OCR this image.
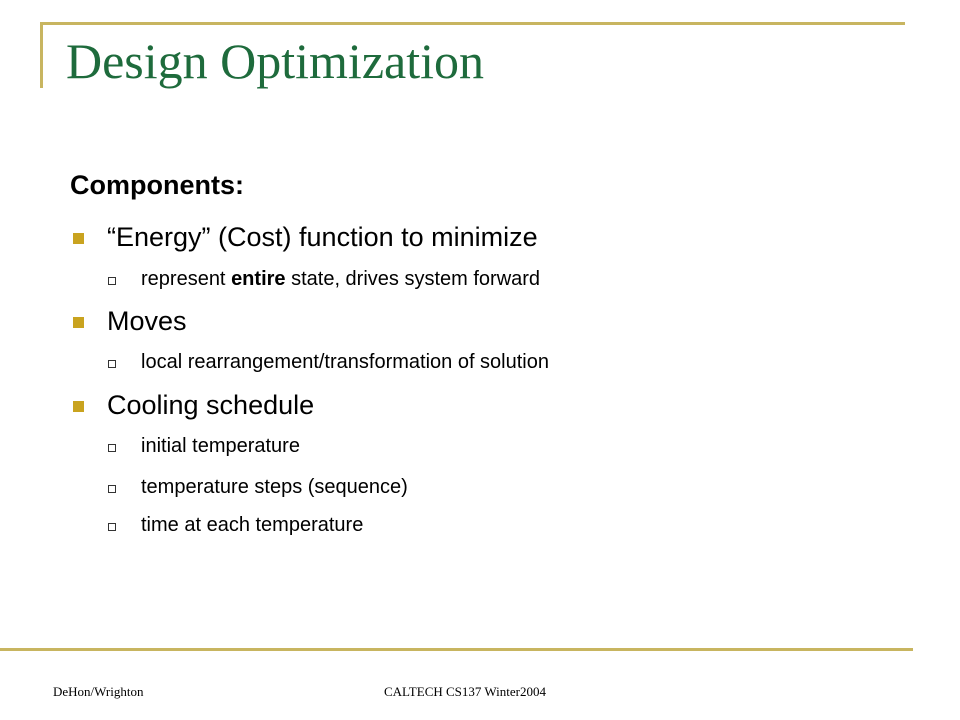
Design Optimization
Components:
“Energy” (Cost) function to minimize
represent entire state, drives system forward
Moves
local rearrangement/transformation of solution
Cooling schedule
initial temperature
temperature steps (sequence)
time at each temperature
DeHon/Wrighton	CALTECH CS137 Winter2004
